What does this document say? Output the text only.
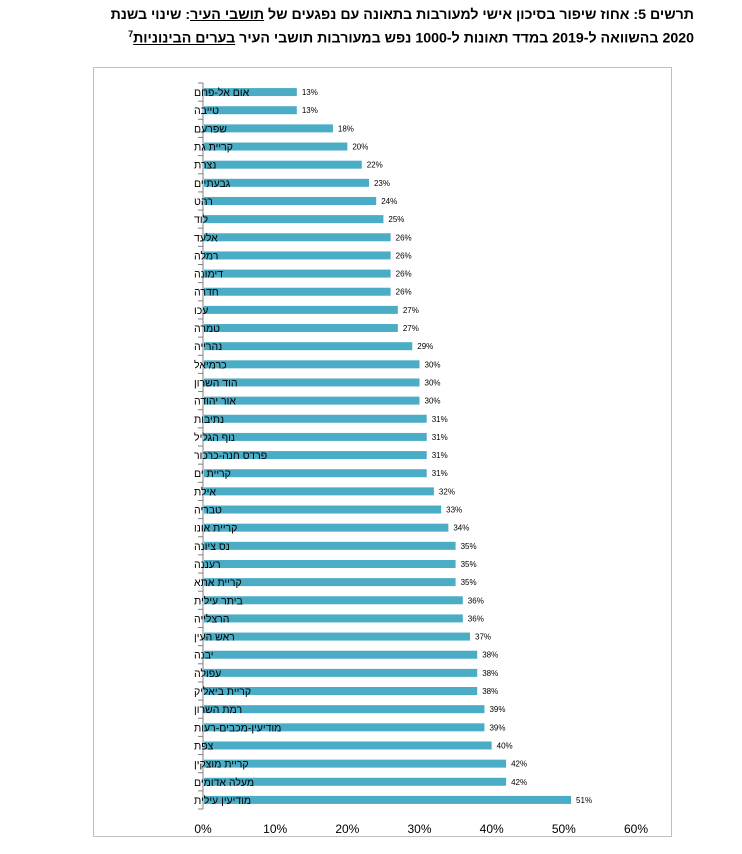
תרשים 5: אחוז שיפור בסיכון אישי למעורבות בתאונה עם נפגעים של תושבי העיר: שינוי בשנת 2020 בהשוואה ל-2019 במדד תאונות ל-1000 נפש במעורבות תושבי העיר בערים הבינוניות$^7$
אום אל-פחם	13%
טייבה	13%
שפרעם	18%
קריית גת	20%
נצרת	22%
גבעתיים	23%
רהט	24%
לוד	25%
אלעד	26%
רמלה	26%
דימונה	26%
חדרה	26%
עכו	27%
טמרה	27%
נהרייה	29%
כרמיאל	30%
הוד השרון	30%
אור יהודה	30%
נתיבות	31%
נוף הגליל	31%
פרדס חנה-כרכור	31%
קריית ים	31%
אילת	32%
טבריה	33%
קריית אונו	34%
נס ציונה	35%
רעננה	35%
קריית אתא	35%
ביתר עילית	36%
הרצלייה	36%
ראש העין	37%
יבנה	38%
עפולה	38%
קריית ביאליק	38%
רמת השרון	39%
מודיעין-מכבים-רעות	39%
צפת	40%
קריית מוצקין	42%
מעלה אדומים	42%
מודיעין עילית	51%
0%	10%	20%	30%	40%	50%	60%
